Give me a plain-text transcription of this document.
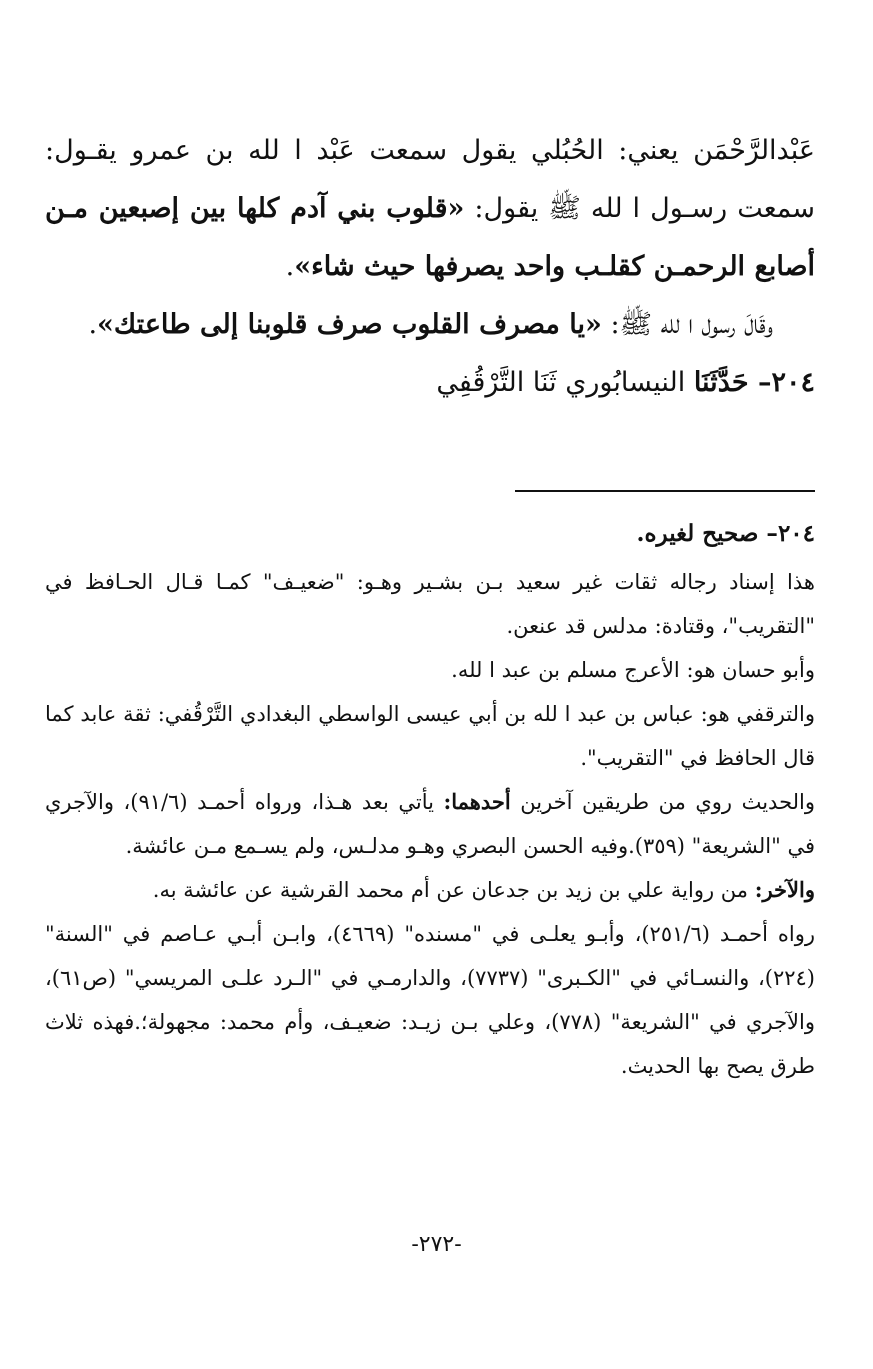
عَبْدالرَّحْمَن يعني: الحُبُلي يقول سمعت عَبْد ا لله بن عمرو يقـول: سمعت رسـول ا لله ﷺ يقول: «قلوب بني آدم كلها بين إصبعين مـن أصابع الرحمـن كقلـب واحد يصرفها حيث شاء».

وقَالَ رسول ا لله ﷺ: «يا مصرف القلوب صرف قلوبنا إلى طاعتك».

٢٠٤– حَدَّثَنَا النيسابُوري ثَنَا التَّرْقُفِي

٢٠٤– صحيح لغيره.

هذا إسناد رجاله ثقات غير سعيد بـن بشـير وهـو: "ضعيـف" كمـا قـال الحـافظ في "التقريب"، وقتادة: مدلس قد عنعن.

وأبو حسان هو: الأعرج مسلم بن عبد ا لله.

والترقفي هو: عباس بن عبد ا لله بن أبي عيسى الواسطي البغدادي التَّرْقُفي: ثقة عابد كما قال الحافظ في "التقريب".

والحديث روي من طريقين آخرين أحدهما: يأتي بعد هـذا، ورواه أحمـد (٩١/٦)، والآجري في "الشريعة" (٣٥٩).وفيه الحسن البصري وهـو مدلـس، ولم يسـمع مـن عائشة.

والآخر: من رواية علي بن زيد بن جدعان عن أم محمد القرشية عن عائشة به.

رواه أحمـد (٢٥١/٦)، وأبـو يعلـى في "مسنده" (٤٦٦٩)، وابـن أبـي عـاصم في "السنة" (٢٢٤)، والنسـائي في "الكـبرى" (٧٧٣٧)، والدارمـي في "الـرد علـى المريسي" (ص٦١)، والآجري في "الشريعة" (٧٧٨)، وعلي بـن زيـد: ضعيـف، وأم محمد: مجهولة؛.فهذه ثلاث طرق يصح بها الحديث.

-٢٧٢-
